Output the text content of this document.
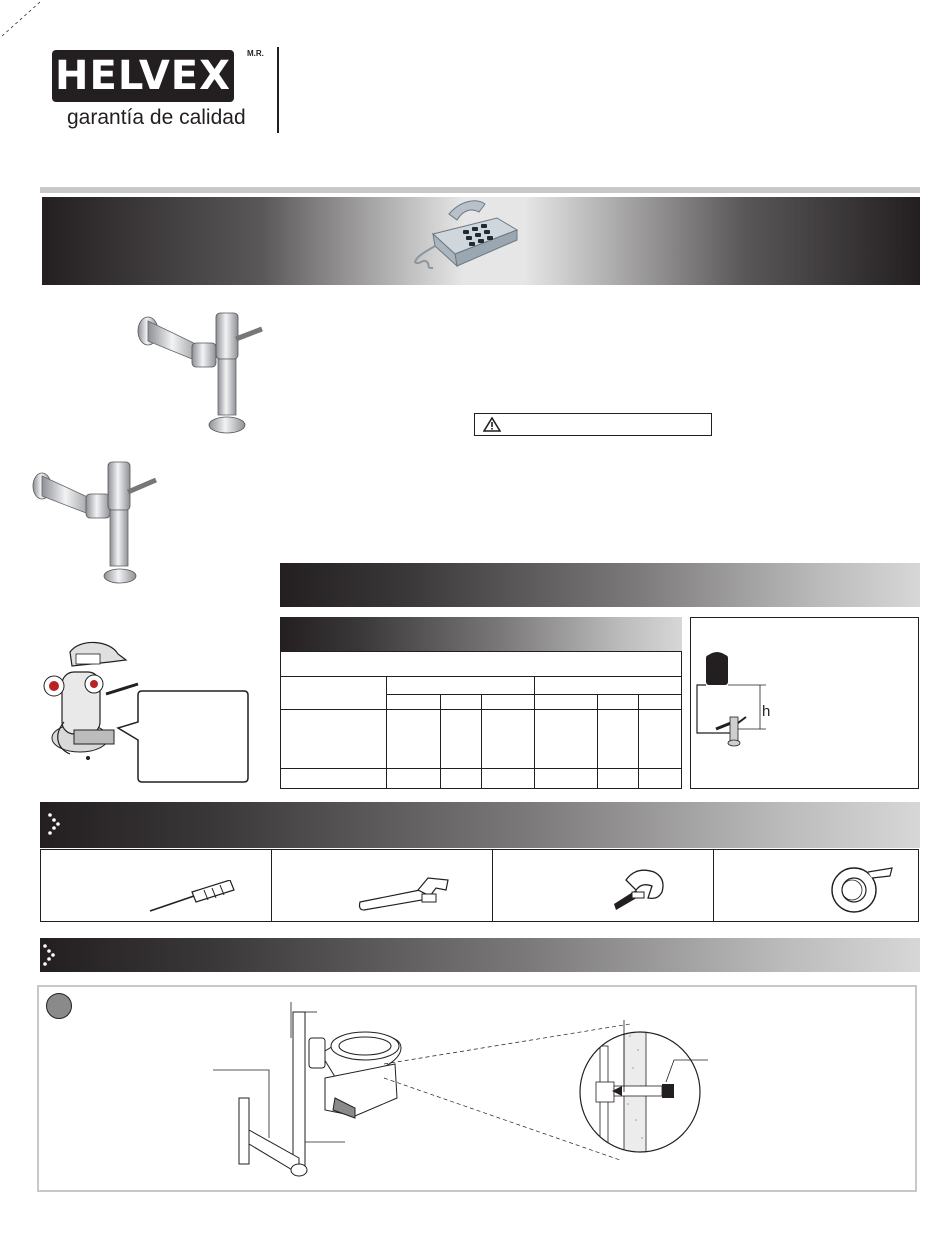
HELVEX	M.R.
garantía de calidad
h
